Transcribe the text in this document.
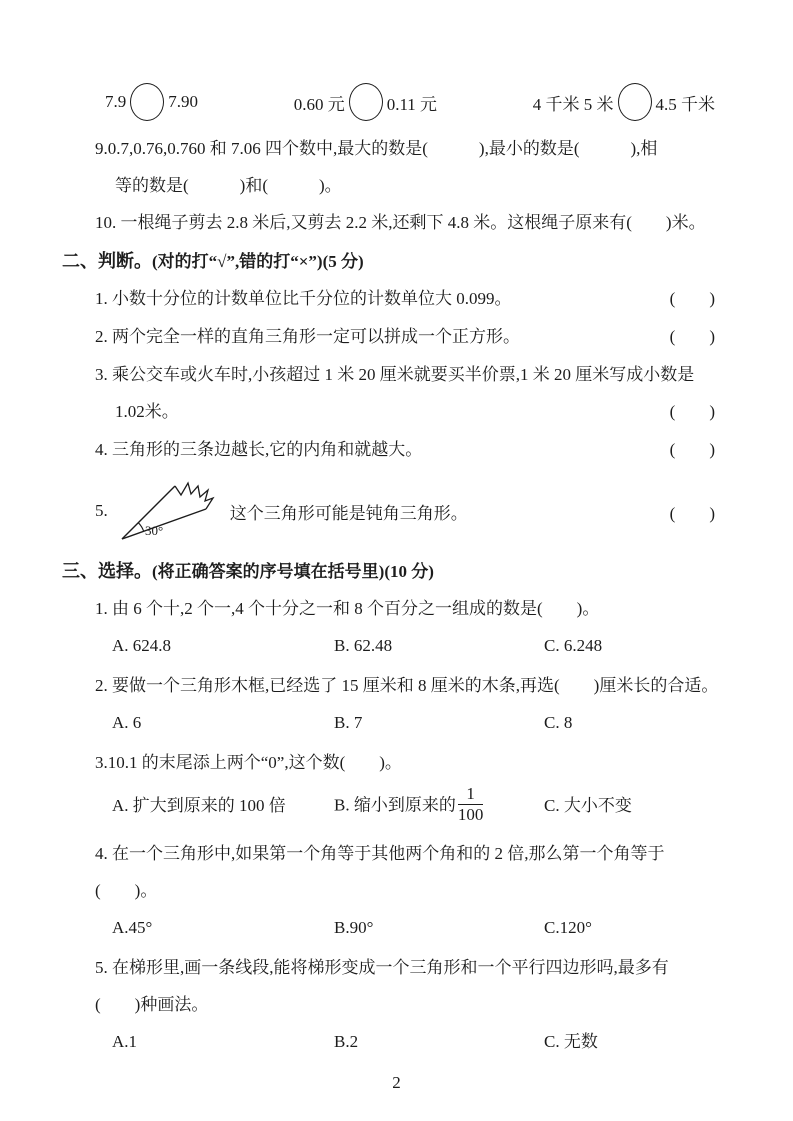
7.9 7.90	0.60 元 0.11 元	4 千米 5 米 4.5 千米

9.0.7,0.76,0.760 和 7.06 四个数中,最大的数是(　　　),最小的数是(　　　),相

等的数是(　　　)和(　　　)。

10. 一根绳子剪去 2.8 米后,又剪去 2.2 米,还剩下 4.8 米。这根绳子原来有(　　)米。

二、判断。(对的打“√”,错的打“×”)(5 分)
1. 小数十分位的计数单位比千分位的计数单位大 0.099。	(　　)
2. 两个完全一样的直角三角形一定可以拼成一个正方形。	(　　)

3. 乘公交车或火车时,小孩超过 1 米 20 厘米就要买半价票,1 米 20 厘米写成小数是

1.02米。	(　　)
4. 三角形的三条边越长,它的内角和就越大。	(　　)
5.
30°
这个三角形可能是钝角三角形。	(　　)
三、选择。(将正确答案的序号填在括号里)(10 分)

1. 由 6 个十,2 个一,4 个十分之一和 8 个百分之一组成的数是(　　)。

A. 624.8	B. 62.48	C. 6.248

2. 要做一个三角形木框,已经选了 15 厘米和 8 厘米的木条,再选(　　)厘米长的合适。

A. 6	B. 7	C. 8

3.10.1 的末尾添上两个“0”,这个数(　　)。

A. 扩大到原来的 100 倍	B. 缩小到原来的 $\frac{1}{100}$	C. 大小不变

4. 在一个三角形中,如果第一个角等于其他两个角和的 2 倍,那么第一个角等于

(　　)。

A.45°	B.90°	C.120°

5. 在梯形里,画一条线段,能将梯形变成一个三角形和一个平行四边形吗,最多有

(　　)种画法。

A.1	B.2	C. 无数
2
